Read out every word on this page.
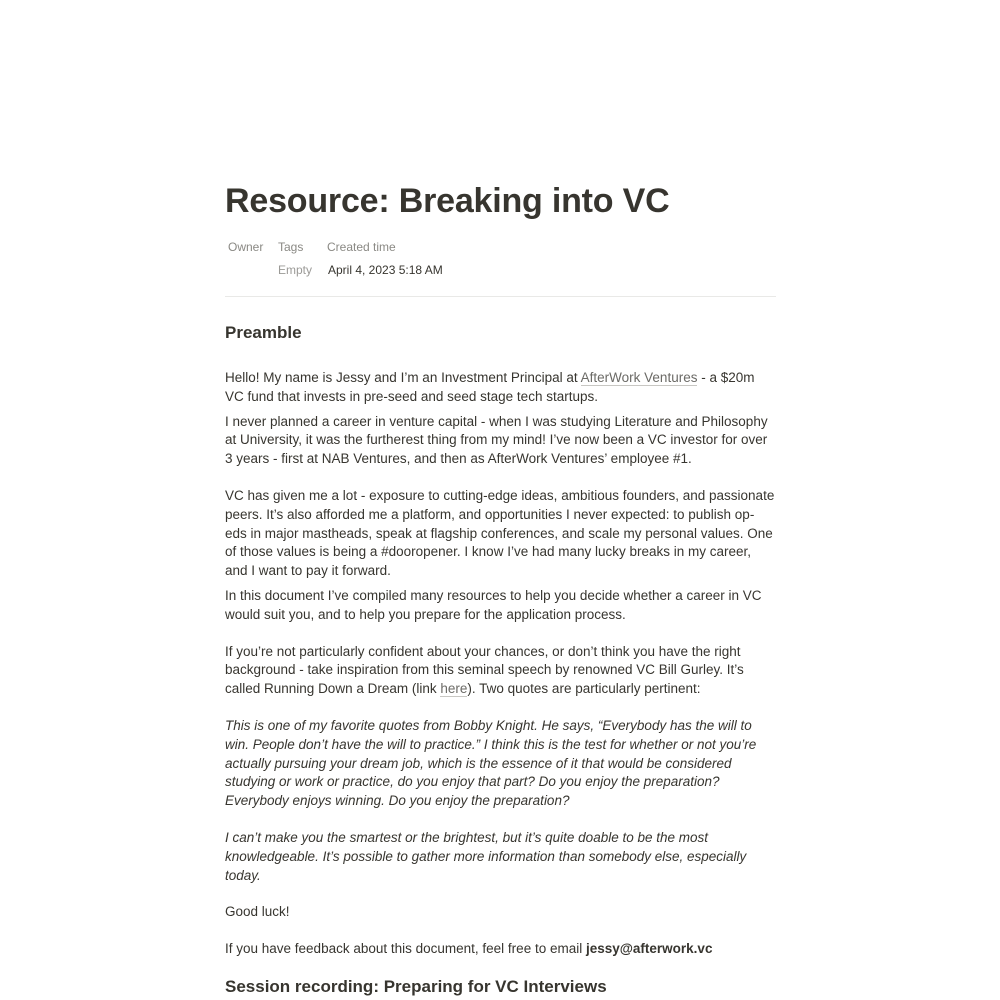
Resource: Breaking into VC
Owner	Tags
Empty
Created time
April 4, 2023 5:18 AM
Preamble

Hello! My name is Jessy and I’m an Investment Principal at AfterWork Ventures - a $20m VC fund that invests in pre-seed and seed stage tech startups.

I never planned a career in venture capital - when I was studying Literature and Philosophy at University, it was the furtherest thing from my mind! I’ve now been a VC investor for over 3 years - first at NAB Ventures, and then as AfterWork Ventures’ employee #1.

VC has given me a lot - exposure to cutting-edge ideas, ambitious founders, and passionate peers. It’s also afforded me a platform, and opportunities I never expected: to publish op-eds in major mastheads, speak at flagship conferences, and scale my personal values. One of those values is being a #dooropener. I know I’ve had many lucky breaks in my career, and I want to pay it forward.

In this document I’ve compiled many resources to help you decide whether a career in VC would suit you, and to help you prepare for the application process.

If you’re not particularly confident about your chances, or don’t think you have the right background - take inspiration from this seminal speech by renowned VC Bill Gurley. It’s called Running Down a Dream (link here). Two quotes are particularly pertinent:

This is one of my favorite quotes from Bobby Knight. He says, “Everybody has the will to win. People don’t have the will to practice.” I think this is the test for whether or not you’re actually pursuing your dream job, which is the essence of it that would be considered studying or work or practice, do you enjoy that part? Do you enjoy the preparation? Everybody enjoys winning. Do you enjoy the preparation?

I can’t make you the smartest or the brightest, but it’s quite doable to be the most knowledgeable. It’s possible to gather more information than somebody else, especially today.

Good luck!

If you have feedback about this document, feel free to email jessy@afterwork.vc

Session recording: Preparing for VC Interviews
